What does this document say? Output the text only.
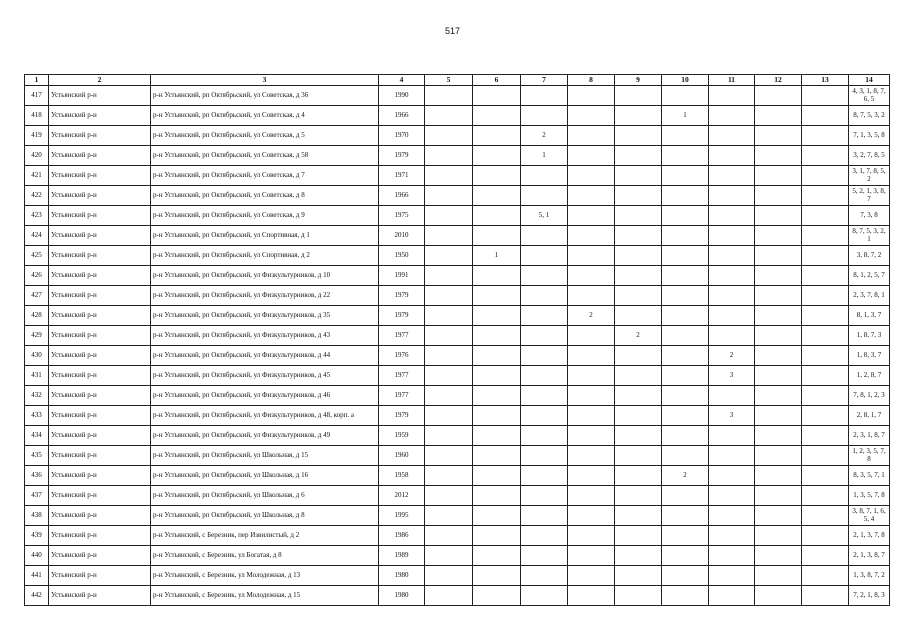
517
1	2	3	4	5	6	7	8	9	10	11	12	13	14
417	Устьянский р-н	р-н Устьянский, рп Октябрьский, ул Советская, д 36	1990										4, 3, 1, 8, 7, 6, 5
418	Устьянский р-н	р-н Устьянский, рп Октябрьский, ул Советская, д 4	1966						1				8, 7, 5, 3, 2
419	Устьянский р-н	р-н Устьянский, рп Октябрьский, ул Советская, д 5	1970			2							7, 1, 3, 5, 8
420	Устьянский р-н	р-н Устьянский, рп Октябрьский, ул Советская, д 58	1979			1							3, 2, 7, 8, 5
421	Устьянский р-н	р-н Устьянский, рп Октябрьский, ул Советская, д 7	1971										3, 1, 7, 8, 5, 2
422	Устьянский р-н	р-н Устьянский, рп Октябрьский, ул Советская, д 8	1966										5, 2, 1, 3, 8, 7
423	Устьянский р-н	р-н Устьянский, рп Октябрьский, ул Советская, д 9	1975			5, 1							7, 3, 8
424	Устьянский р-н	р-н Устьянский, рп Октябрьский, ул Спортивная, д 1	2010										8, 7, 5, 3, 2, 1
425	Устьянский р-н	р-н Устьянский, рп Октябрьский, ул Спортивная, д 2	1950		1								3, 8, 7, 2
426	Устьянский р-н	р-н Устьянский, рп Октябрьский, ул Физкультурников, д 10	1991										8, 1, 2, 5, 7
427	Устьянский р-н	р-н Устьянский, рп Октябрьский, ул Физкультурников, д 22	1979										2, 3, 7, 8, 1
428	Устьянский р-н	р-н Устьянский, рп Октябрьский, ул Физкультурников, д 35	1979				2						8, 1, 3, 7
429	Устьянский р-н	р-н Устьянский, рп Октябрьский, ул Физкультурников, д 43	1977					2					1, 8, 7, 3
430	Устьянский р-н	р-н Устьянский, рп Октябрьский, ул Физкультурников, д 44	1976							2			1, 8, 3, 7
431	Устьянский р-н	р-н Устьянский, рп Октябрьский, ул Физкультурников, д 45	1977							3			1, 2, 8, 7
432	Устьянский р-н	р-н Устьянский, рп Октябрьский, ул Физкультурников, д 46	1977										7, 8, 1, 2, 3
433	Устьянский р-н	р-н Устьянский, рп Октябрьский, ул Физкультурников, д 48, корп. а	1979							3			2, 8, 1, 7
434	Устьянский р-н	р-н Устьянский, рп Октябрьский, ул Физкультурников, д 49	1959										2, 3, 1, 8, 7
435	Устьянский р-н	р-н Устьянский, рп Октябрьский, ул Школьная, д 15	1960										1, 2, 3, 5, 7, 8
436	Устьянский р-н	р-н Устьянский, рп Октябрьский, ул Школьная, д 16	1958						2				8, 3, 5, 7, 1
437	Устьянский р-н	р-н Устьянский, рп Октябрьский, ул Школьная, д 6	2012										1, 3, 5, 7, 8
438	Устьянский р-н	р-н Устьянский, рп Октябрьский, ул Школьная, д 8	1995										3, 8, 7, 1, 6, 5, 4
439	Устьянский р-н	р-н Устьянский, с Березник, пер Извилистый, д 2	1986										2, 1, 3, 7, 8
440	Устьянский р-н	р-н Устьянский, с Березник, ул Богатая, д 8	1989										2, 1, 3, 8, 7
441	Устьянский р-н	р-н Устьянский, с Березник, ул Молодежная, д 13	1980										1, 3, 8, 7, 2
442	Устьянский р-н	р-н Устьянский, с Березник, ул Молодежная, д 15	1980										7, 2, 1, 8, 3
